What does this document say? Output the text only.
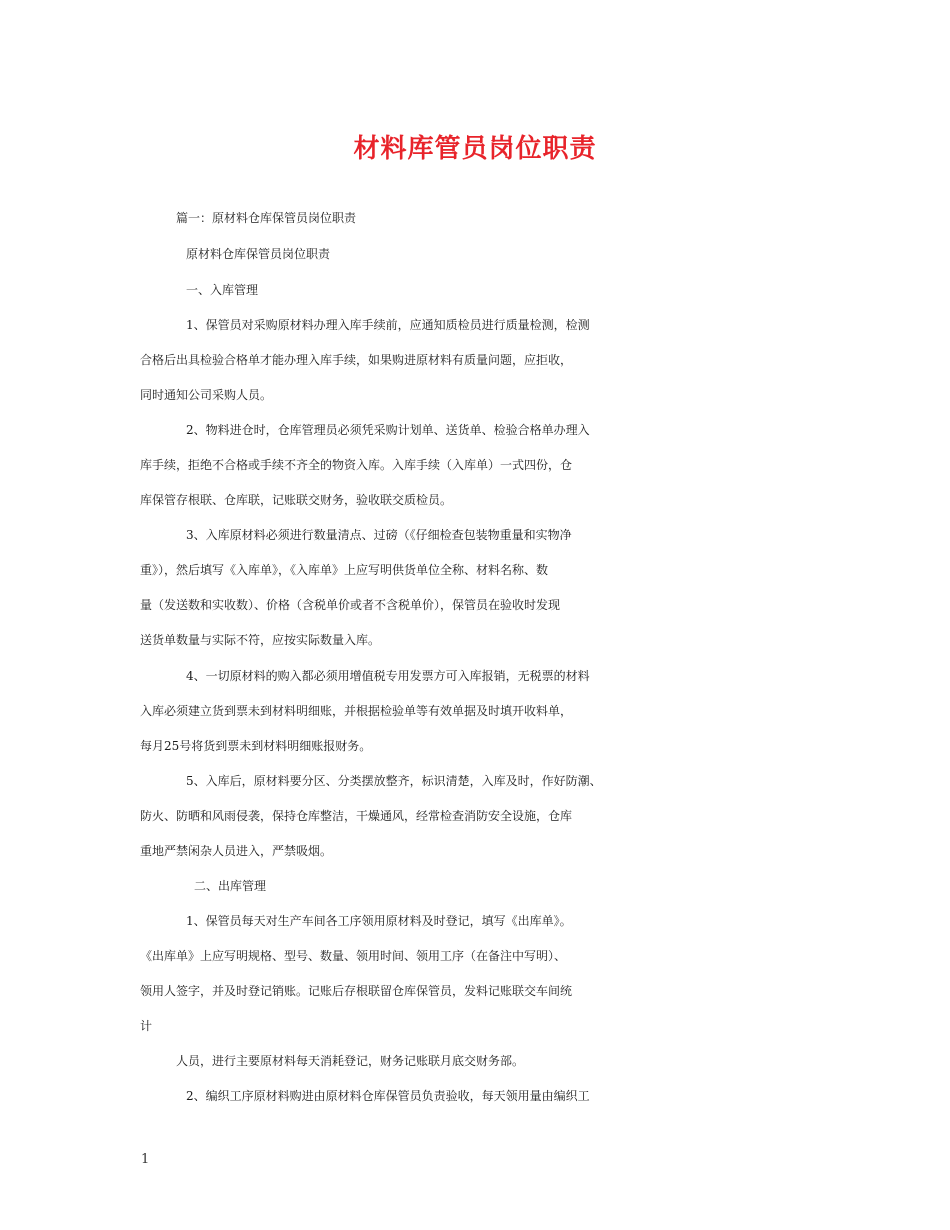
材料库管员岗位职责
篇一：原材料仓库保管员岗位职责
原材料仓库保管员岗位职责
一、入库管理
1、保管员对采购原材料办理入库手续前，应通知质检员进行质量检测，检测
合格后出具检验合格单才能办理入库手续，如果购进原材料有质量问题，应拒收，
同时通知公司采购人员。
2、物料进仓时，仓库管理员必须凭采购计划单、送货单、检验合格单办理入
库手续，拒绝不合格或手续不齐全的物资入库。入库手续（入库单）一式四份，仓
库保管存根联、仓库联，记账联交财务，验收联交质检员。
3、入库原材料必须进行数量清点、过磅（《仔细检查包装物重量和实物净
重》），然后填写《入库单》，《入库单》上应写明供货单位全称、材料名称、数
量（发送数和实收数）、价格（含税单价或者不含税单价），保管员在验收时发现
送货单数量与实际不符，应按实际数量入库。
4、一切原材料的购入都必须用增值税专用发票方可入库报销，无税票的材料
入库必须建立货到票未到材料明细账，并根据检验单等有效单据及时填开收料单，
每月25号将货到票未到材料明细账报财务。
5、入库后，原材料要分区、分类摆放整齐，标识清楚，入库及时，作好防潮、
防火、防晒和风雨侵袭，保持仓库整洁，干燥通风，经常检查消防安全设施，仓库
重地严禁闲杂人员进入，严禁吸烟。
二、出库管理
1、保管员每天对生产车间各工序领用原材料及时登记，填写《出库单》。
《出库单》上应写明规格、型号、数量、领用时间、领用工序（在备注中写明）、
领用人签字，并及时登记销账。记账后存根联留仓库保管员，发料记账联交车间统
计
人员，进行主要原材料每天消耗登记，财务记账联月底交财务部。
2、编织工序原材料购进由原材料仓库保管员负责验收，每天领用量由编织工
1
